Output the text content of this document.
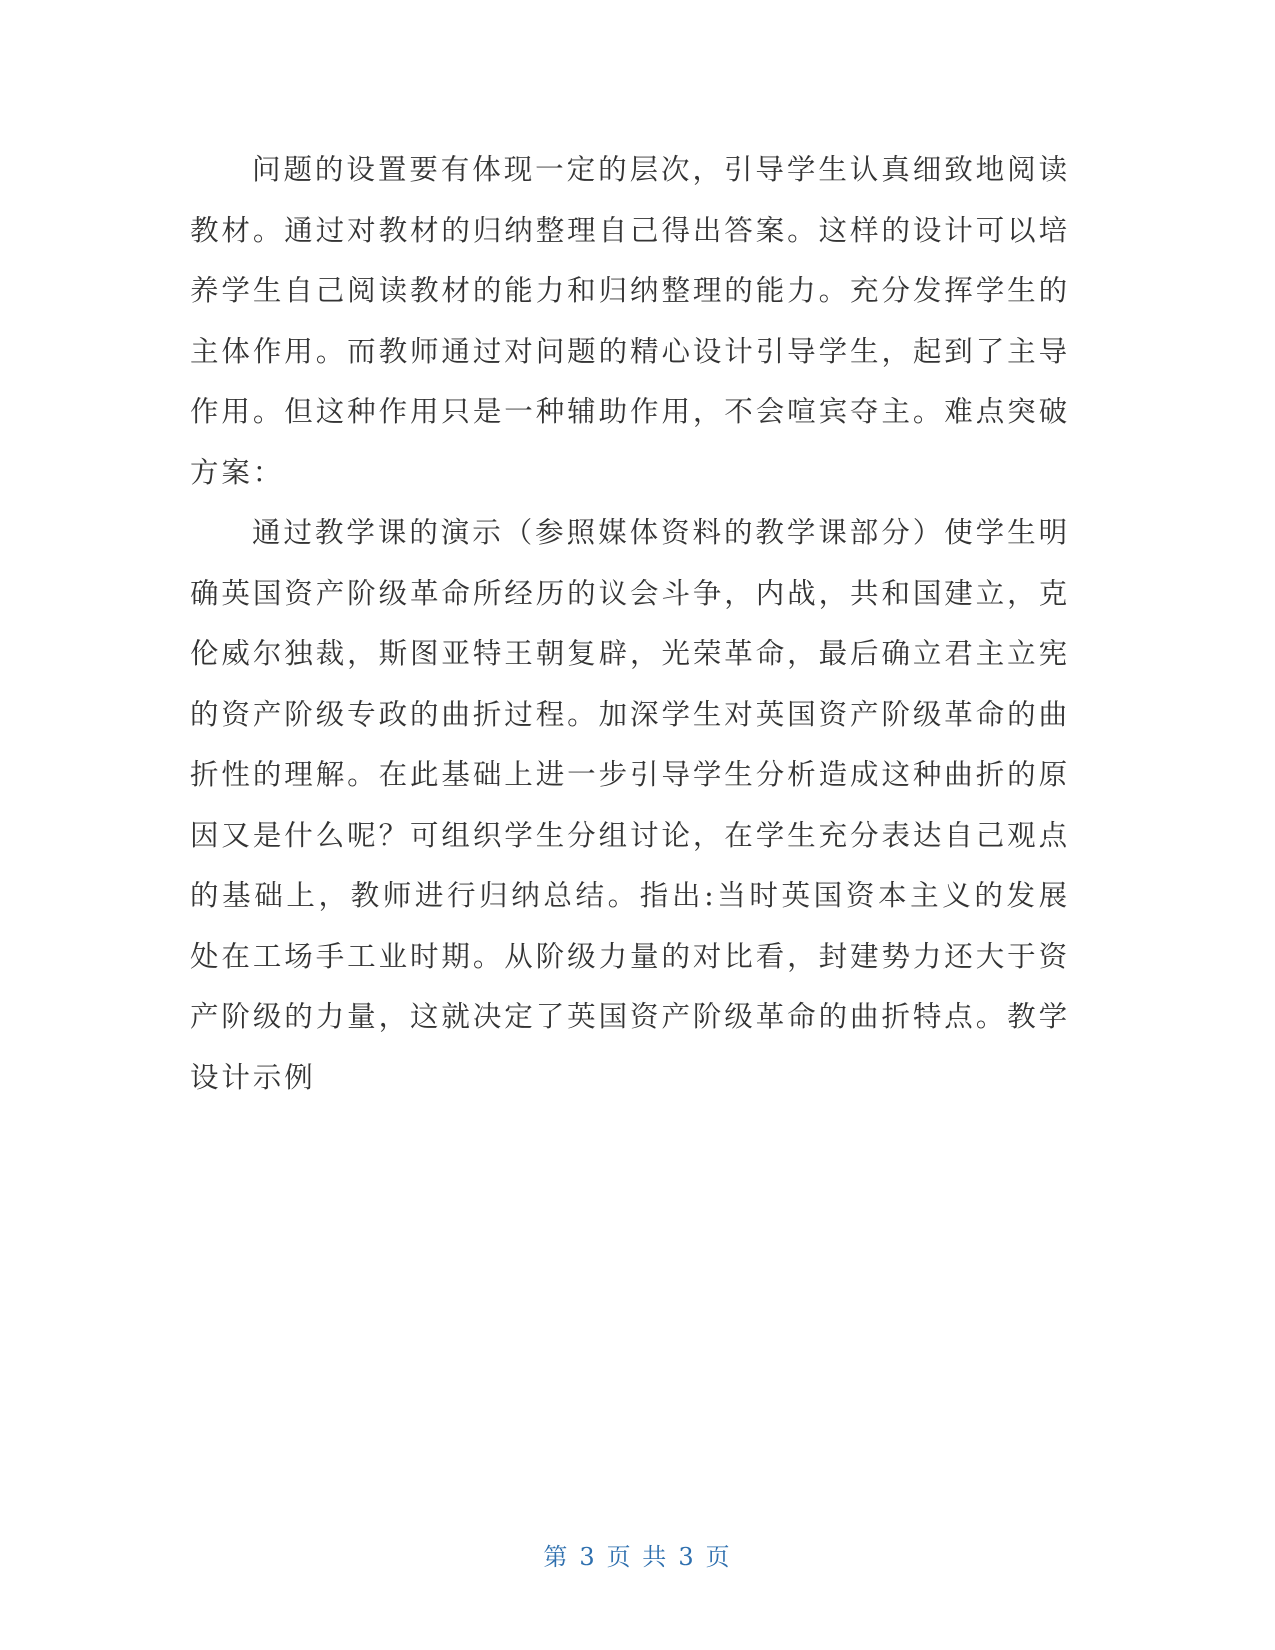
问题的设置要有体现一定的层次，引导学生认真细致地阅读教材。通过对教材的归纳整理自己得出答案。这样的设计可以培养学生自己阅读教材的能力和归纳整理的能力。充分发挥学生的主体作用。而教师通过对问题的精心设计引导学生，起到了主导作用。但这种作用只是一种辅助作用，不会喧宾夺主。难点突破方案：

通过教学课的演示（参照媒体资料的教学课部分）使学生明确英国资产阶级革命所经历的议会斗争，内战，共和国建立，克伦威尔独裁，斯图亚特王朝复辟，光荣革命，最后确立君主立宪的资产阶级专政的曲折过程。加深学生对英国资产阶级革命的曲折性的理解。在此基础上进一步引导学生分析造成这种曲折的原因又是什么呢？可组织学生分组讨论，在学生充分表达自己观点的基础上，教师进行归纳总结。指出:当时英国资本主义的发展处在工场手工业时期。从阶级力量的对比看，封建势力还大于资产阶级的力量，这就决定了英国资产阶级革命的曲折特点。教学设计示例

第 3 页 共 3 页
